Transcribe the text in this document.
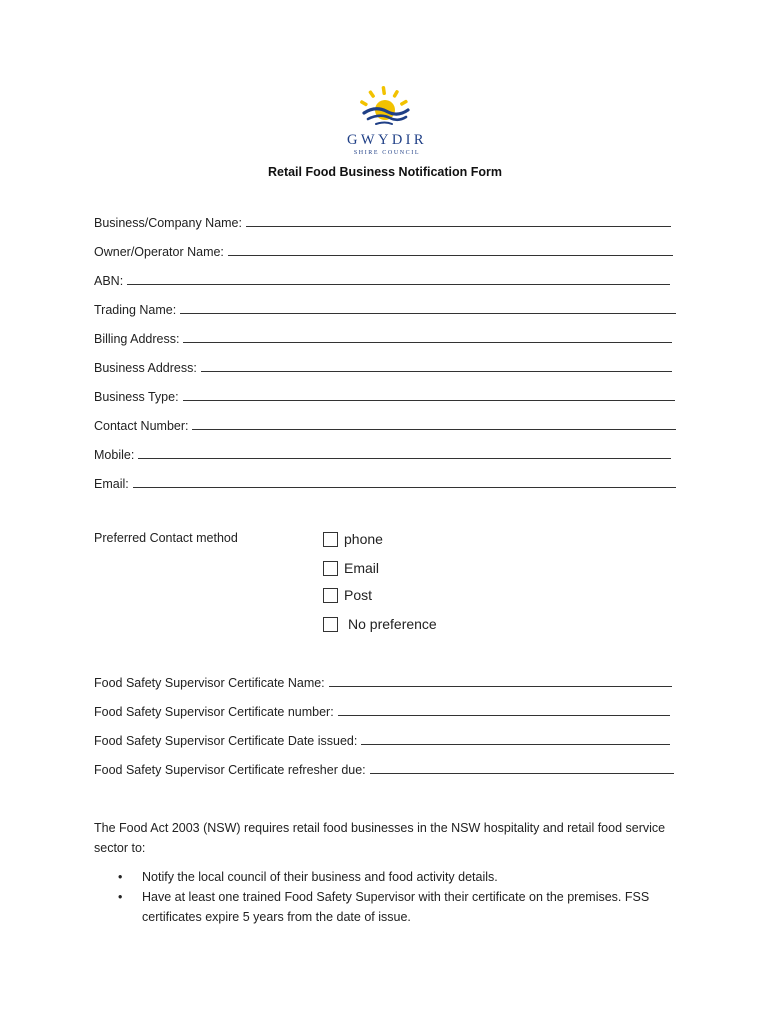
GWYDIR
SHIRE COUNCIL
Retail Food Business Notification Form
Business/Company Name:
Owner/Operator Name:
ABN:
Trading Name:
Billing Address:
Business Address:
Business Type:
Contact Number:
Mobile:
Email:
Preferred Contact method	phone
Email
Post
No preference
Food Safety Supervisor Certificate Name:
Food Safety Supervisor Certificate number:
Food Safety Supervisor Certificate Date issued:
Food Safety Supervisor Certificate refresher due:
The Food Act 2003 (NSW) requires retail food businesses in the NSW hospitality and retail food service sector to:
• Notify the local council of their business and food activity details.
• Have at least one trained Food Safety Supervisor with their certificate on the premises. FSS certificates expire 5 years from the date of issue.
